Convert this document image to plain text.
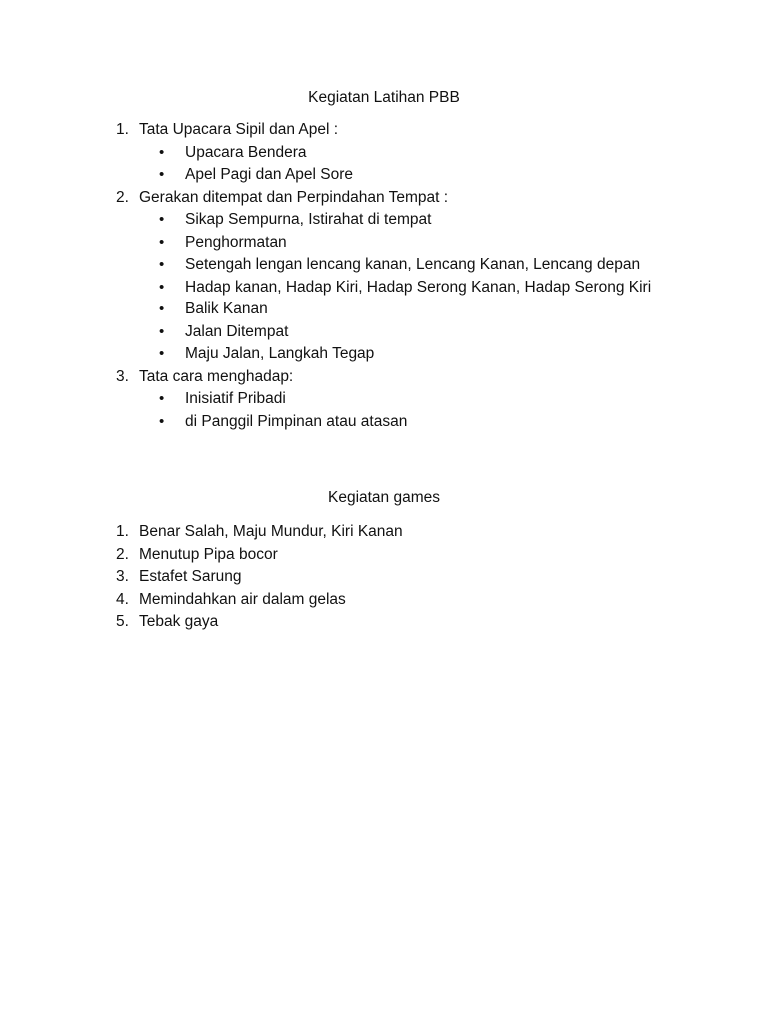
Kegiatan Latihan PBB
1. Tata Upacara Sipil dan Apel :
• Upacara Bendera
• Apel Pagi dan Apel Sore
2. Gerakan ditempat dan Perpindahan Tempat :
• Sikap Sempurna, Istirahat di tempat
• Penghormatan
• Setengah lengan lencang kanan, Lencang Kanan, Lencang depan
• Hadap kanan, Hadap Kiri, Hadap Serong Kanan, Hadap Serong Kiri
• Balik Kanan
• Jalan Ditempat
• Maju Jalan, Langkah Tegap
3. Tata cara menghadap:
• Inisiatif Pribadi
• di Panggil Pimpinan atau atasan
Kegiatan games
1. Benar Salah, Maju Mundur, Kiri Kanan
2. Menutup Pipa bocor
3. Estafet Sarung
4. Memindahkan air dalam gelas
5. Tebak gaya
